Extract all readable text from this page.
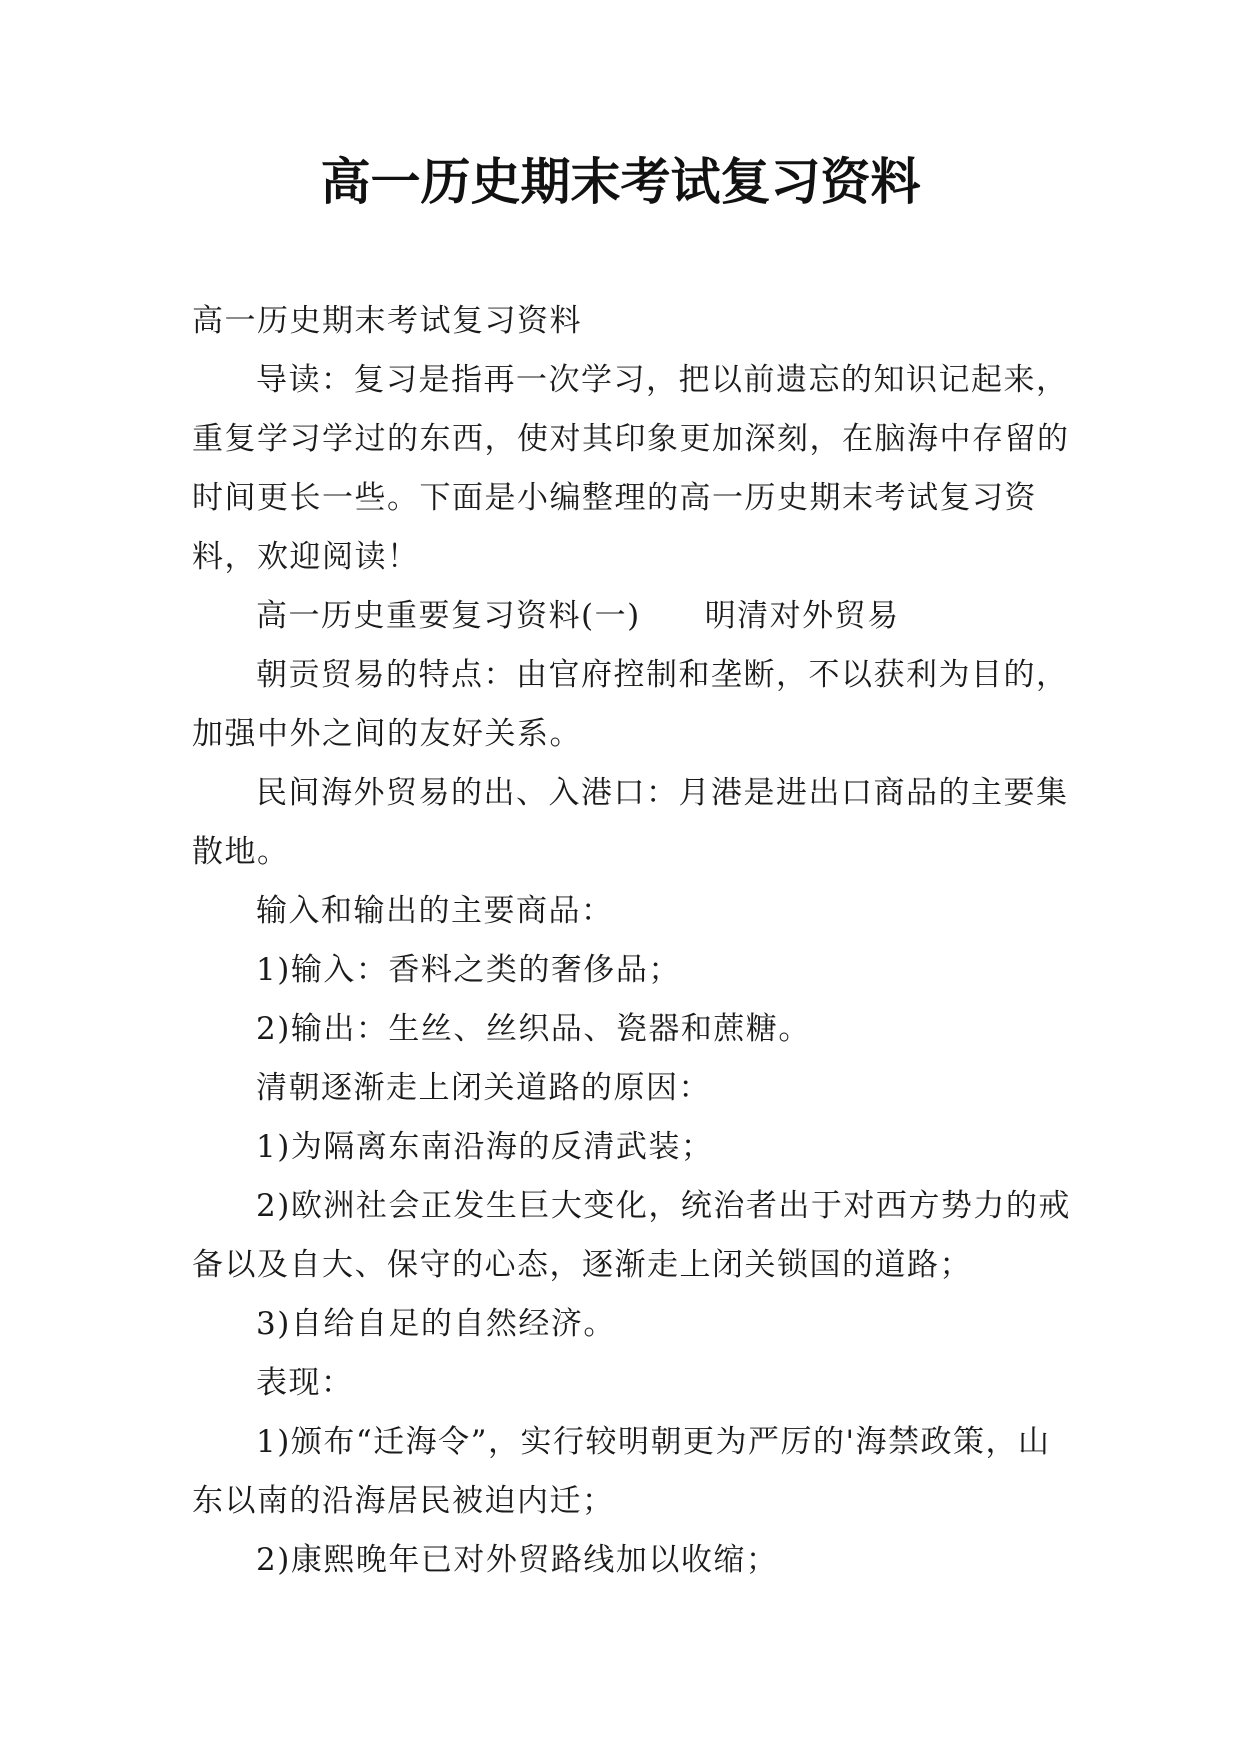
高一历史期末考试复习资料

高一历史期末考试复习资料

导读：复习是指再一次学习，把以前遗忘的知识记起来，重复学习学过的东西，使对其印象更加深刻，在脑海中存留的时间更长一些。下面是小编整理的高一历史期末考试复习资料，欢迎阅读！

高一历史重要复习资料(一) 明清对外贸易

朝贡贸易的特点：由官府控制和垄断，不以获利为目的，加强中外之间的友好关系。

民间海外贸易的出、入港口：月港是进出口商品的主要集散地。

输入和输出的主要商品：

1)输入：香料之类的奢侈品；

2)输出：生丝、丝织品、瓷器和蔗糖。

清朝逐渐走上闭关道路的原因：

1)为隔离东南沿海的反清武装；

2)欧洲社会正发生巨大变化，统治者出于对西方势力的戒备以及自大、保守的心态，逐渐走上闭关锁国的道路；

3)自给自足的自然经济。

表现：

1)颁布“迁海令”，实行较明朝更为严厉的'海禁政策，山东以南的沿海居民被迫内迁；

2)康熙晚年已对外贸路线加以收缩；
